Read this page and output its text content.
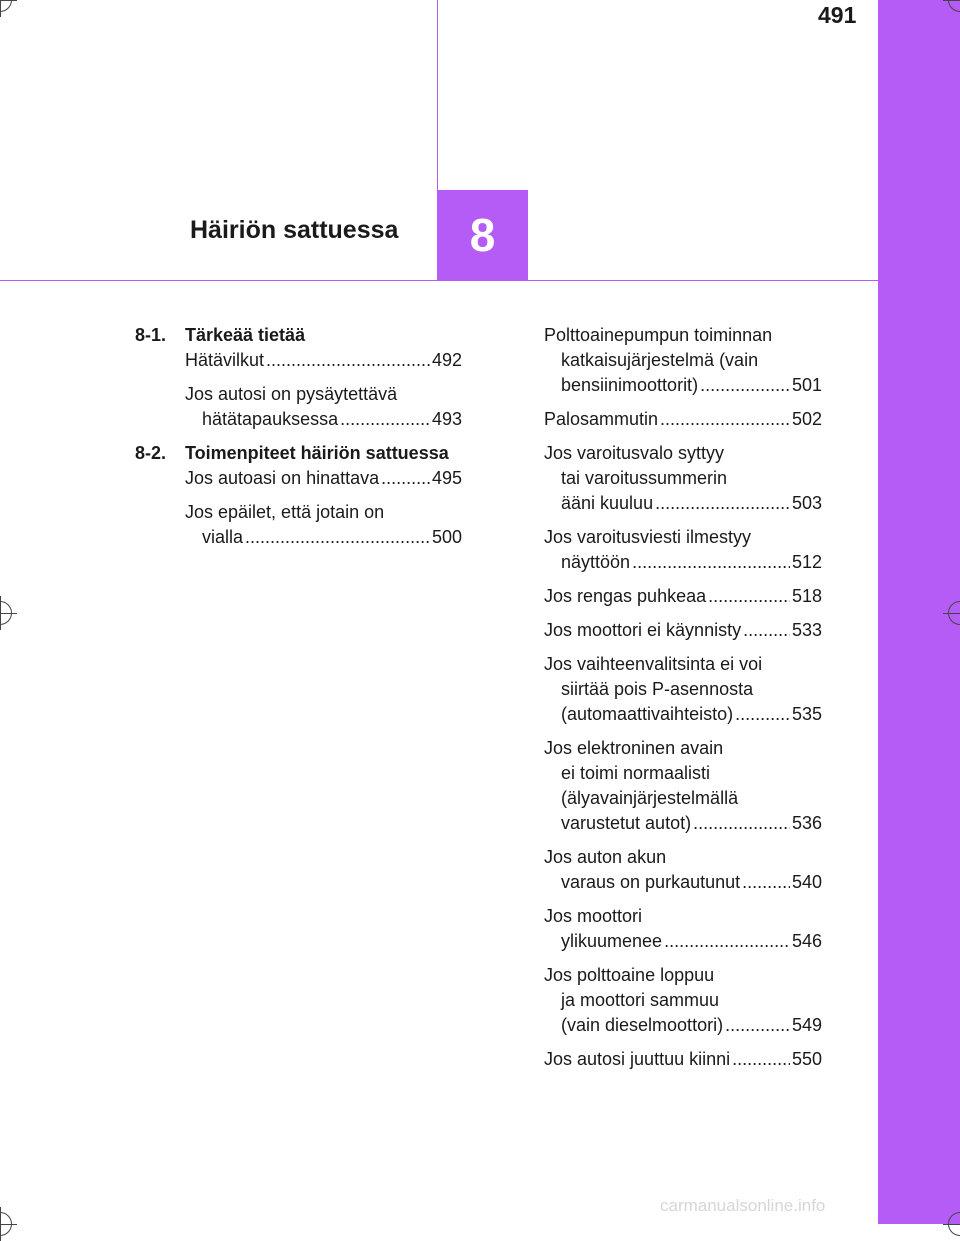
491
Häiriön sattuessa 8
8-1.	Tärkeää tietää
Hätävilkut .....	492
Jos autosi on pysäytettävä
hätätapauksessa .....	493
8-2.	Toimenpiteet häiriön sattuessa
Jos autoasi on hinattava .....	495
Jos epäilet, että jotain on
vialla .....	500
Polttoainepumpun toiminnan
katkaisujärjestelmä (vain
bensiinimoottorit) .....	501
Palosammutin .....	502
Jos varoitusvalo syttyy
tai varoitussummerin
ääni kuuluu .....	503
Jos varoitusviesti ilmestyy
näyttöön .....	512
Jos rengas puhkeaa .....	518
Jos moottori ei käynnisty .....	533
Jos vaihteenvalitsinta ei voi
siirtää pois P-asennosta
(automaattivaihteisto) .....	535
Jos elektroninen avain
ei toimi normaalisti
(älyavainjärjestelmällä
varustetut autot) .....	536
Jos auton akun
varaus on purkautunut .....	540
Jos moottori
ylikuumenee .....	546
Jos polttoaine loppuu
ja moottori sammuu
(vain dieselmoottori) .....	549
Jos autosi juuttuu kiinni .....	550
carmanualsonline.info
